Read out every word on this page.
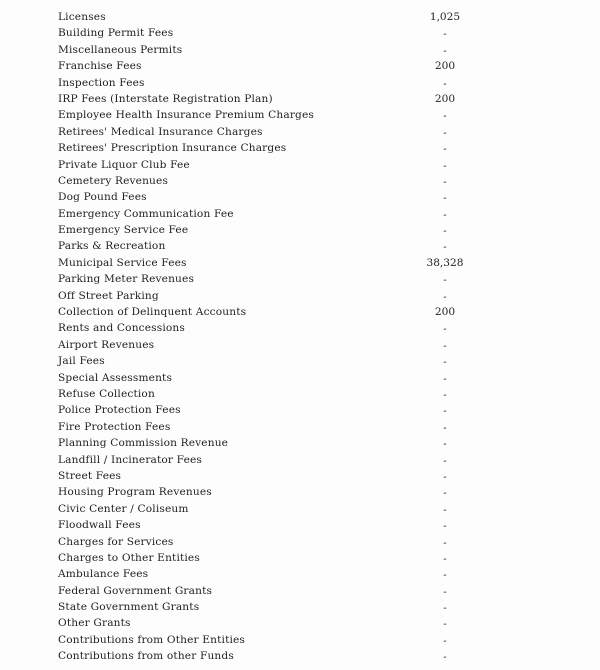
Licenses	1,025
Building Permit Fees	-
Miscellaneous Permits	-
Franchise Fees	200
Inspection Fees	-
IRP Fees (Interstate Registration Plan)	200
Employee Health Insurance Premium Charges	-
Retirees' Medical Insurance Charges	-
Retirees' Prescription Insurance Charges	-
Private Liquor Club Fee	-
Cemetery Revenues	-
Dog Pound Fees	-
Emergency Communication Fee	-
Emergency Service Fee	-
Parks & Recreation	-
Municipal Service Fees	38,328
Parking Meter Revenues	-
Off Street Parking	-
Collection of Delinquent Accounts	200
Rents and Concessions	-
Airport Revenues	-
Jail Fees	-
Special Assessments	-
Refuse Collection	-
Police Protection Fees	-
Fire Protection Fees	-
Planning Commission Revenue	-
Landfill / Incinerator Fees	-
Street Fees	-
Housing Program Revenues	-
Civic Center / Coliseum	-
Floodwall Fees	-
Charges for Services	-
Charges to Other Entities	-
Ambulance Fees	-
Federal Government Grants	-
State Government Grants	-
Other Grants	-
Contributions from Other Entities	-
Contributions from other Funds	-
